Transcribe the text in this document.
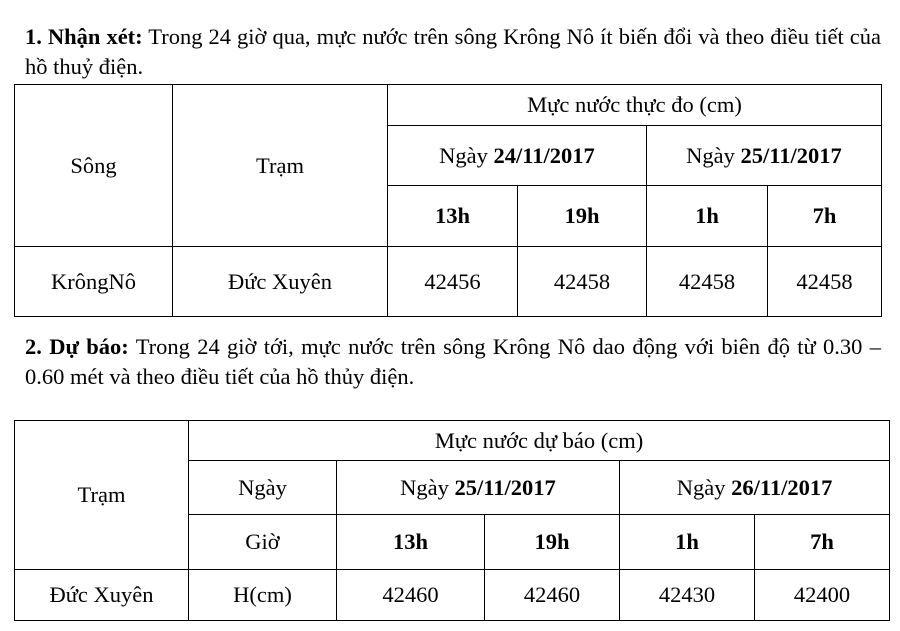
1. Nhận xét: Trong 24 giờ qua, mực nước trên sông Krông Nô ít biến đổi và theo điều tiết của hồ thuỷ điện.
Sông	Trạm	Mực nước thực đo (cm)			
		Ngày 24/11/2017		Ngày 25/11/2017	
		13h	19h	1h	7h
KrôngNô	Đức Xuyên	42456	42458	42458	42458
2. Dự báo: Trong 24 giờ tới, mực nước trên sông Krông Nô dao động với biên độ từ 0.30 – 0.60 mét và theo điều tiết của hồ thủy điện.
Trạm	Mực nước dự báo (cm)				
	Ngày	Ngày 25/11/2017		Ngày 26/11/2017	
	Giờ	13h	19h	1h	7h
Đức Xuyên	H(cm)	42460	42460	42430	42400
